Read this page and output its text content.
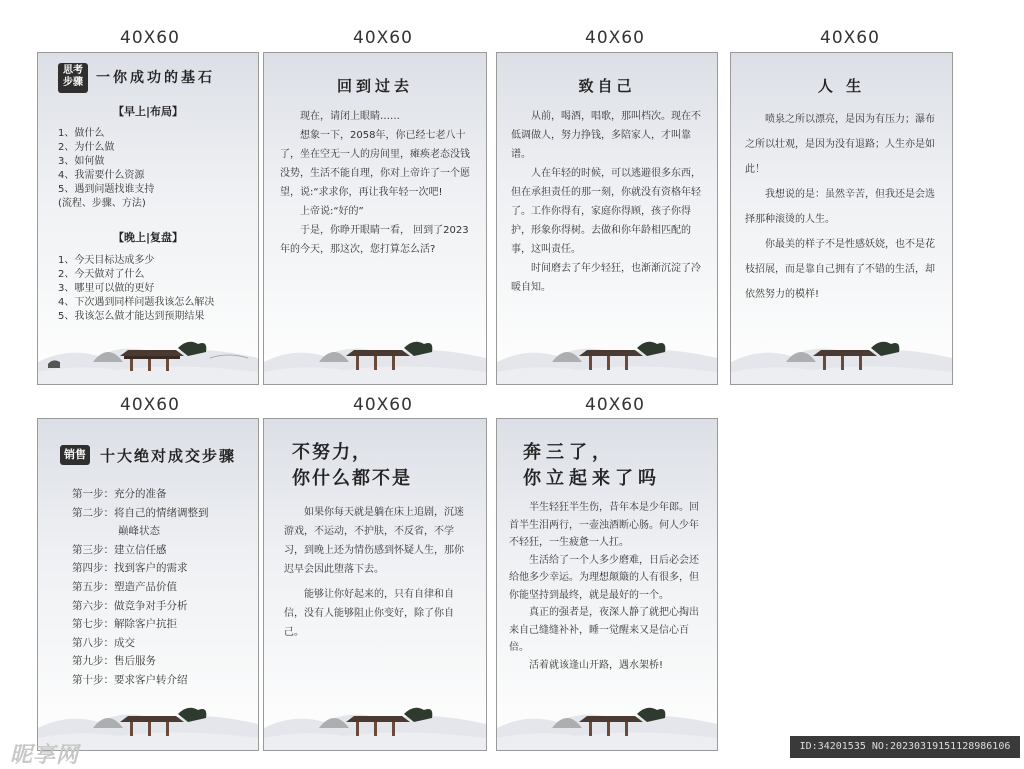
40X60	40X60	40X60	40X60
40X60	40X60	40X60
思考
步骤 一你成功的基石
【早上|布局】
1、做什么
2、为什么做
3、如何做
4、我需要什么资源
5、遇到问题找谁支持
(流程、步骤、方法)
【晚上|复盘】
1、今天目标达成多少
2、今天做对了什么
3、哪里可以做的更好
4、下次遇到同样问题我该怎么解决
5、我该怎么做才能达到预期结果
回到过去

现在，请闭上眼睛……

想象一下，2058年，你已经七老八十了，坐在空无一人的房间里，瘫痪老态没钱没势，生活不能自理，你对上帝许了一个愿望，说:“求求你，再让我年轻一次吧!

上帝说:“好的”

于是，你睁开眼睛一看， 回到了2023年的今天，那这次，您打算怎么活?

致自己

从前，喝酒，唱歌，那叫档次。现在不低调做人，努力挣钱，多陪家人，才叫靠谱。

人在年轻的时候，可以逃避很多东西，但在承担责任的那一刻，你就没有资格年轻了。工作你得有，家庭你得顾，孩子你得护，形象你得树。去做和你年龄相匹配的事，这叫责任。

时间磨去了年少轻狂，也渐渐沉淀了冷暖自知。

人 生

喷泉之所以漂亮，是因为有压力；瀑布之所以壮观，是因为没有退路；人生亦是如此！

我想说的是：虽然辛苦，但我还是会选择那种滚烫的人生。

你最美的样子不是性感妖娆，也不是花枝招展，而是靠自己拥有了不错的生活，却依然努力的模样!

销售 十大绝对成交步骤
第一步：充分的准备
第二步：将自己的情绪调整到
巅峰状态
第三步：建立信任感
第四步：找到客户的需求
第五步：塑造产品价值
第六步：做竞争对手分析
第七步：解除客户抗拒
第八步：成交
第九步：售后服务
第十步：要求客户转介绍
不努力，
你什么都不是

如果你每天就是躺在床上追剧，沉迷游戏，不运动，不护肤，不反省，不学习，到晚上还为情伤感到怀疑人生，那你迟早会因此堕落下去。

能够让你好起来的，只有自律和自信，没有人能够阻止你变好，除了你自己。

奔三了，
你立起来了吗

半生轻狂半生伤，昔年本是少年郎。回首半生泪两行，一壶浊酒断心肠。何人少年不轻狂，一生疲惫一人扛。

生活给了一个人多少磨难，日后必会还给他多少幸运。为理想颠簸的人有很多，但你能坚持到最终，就是最好的一个。

真正的强者是，夜深人静了就把心掏出来自己缝缝补补，睡一觉醒来又是信心百倍。

活着就该逢山开路，遇水架桥!

昵享网	ID:34201535 NO:20230319151128986106
